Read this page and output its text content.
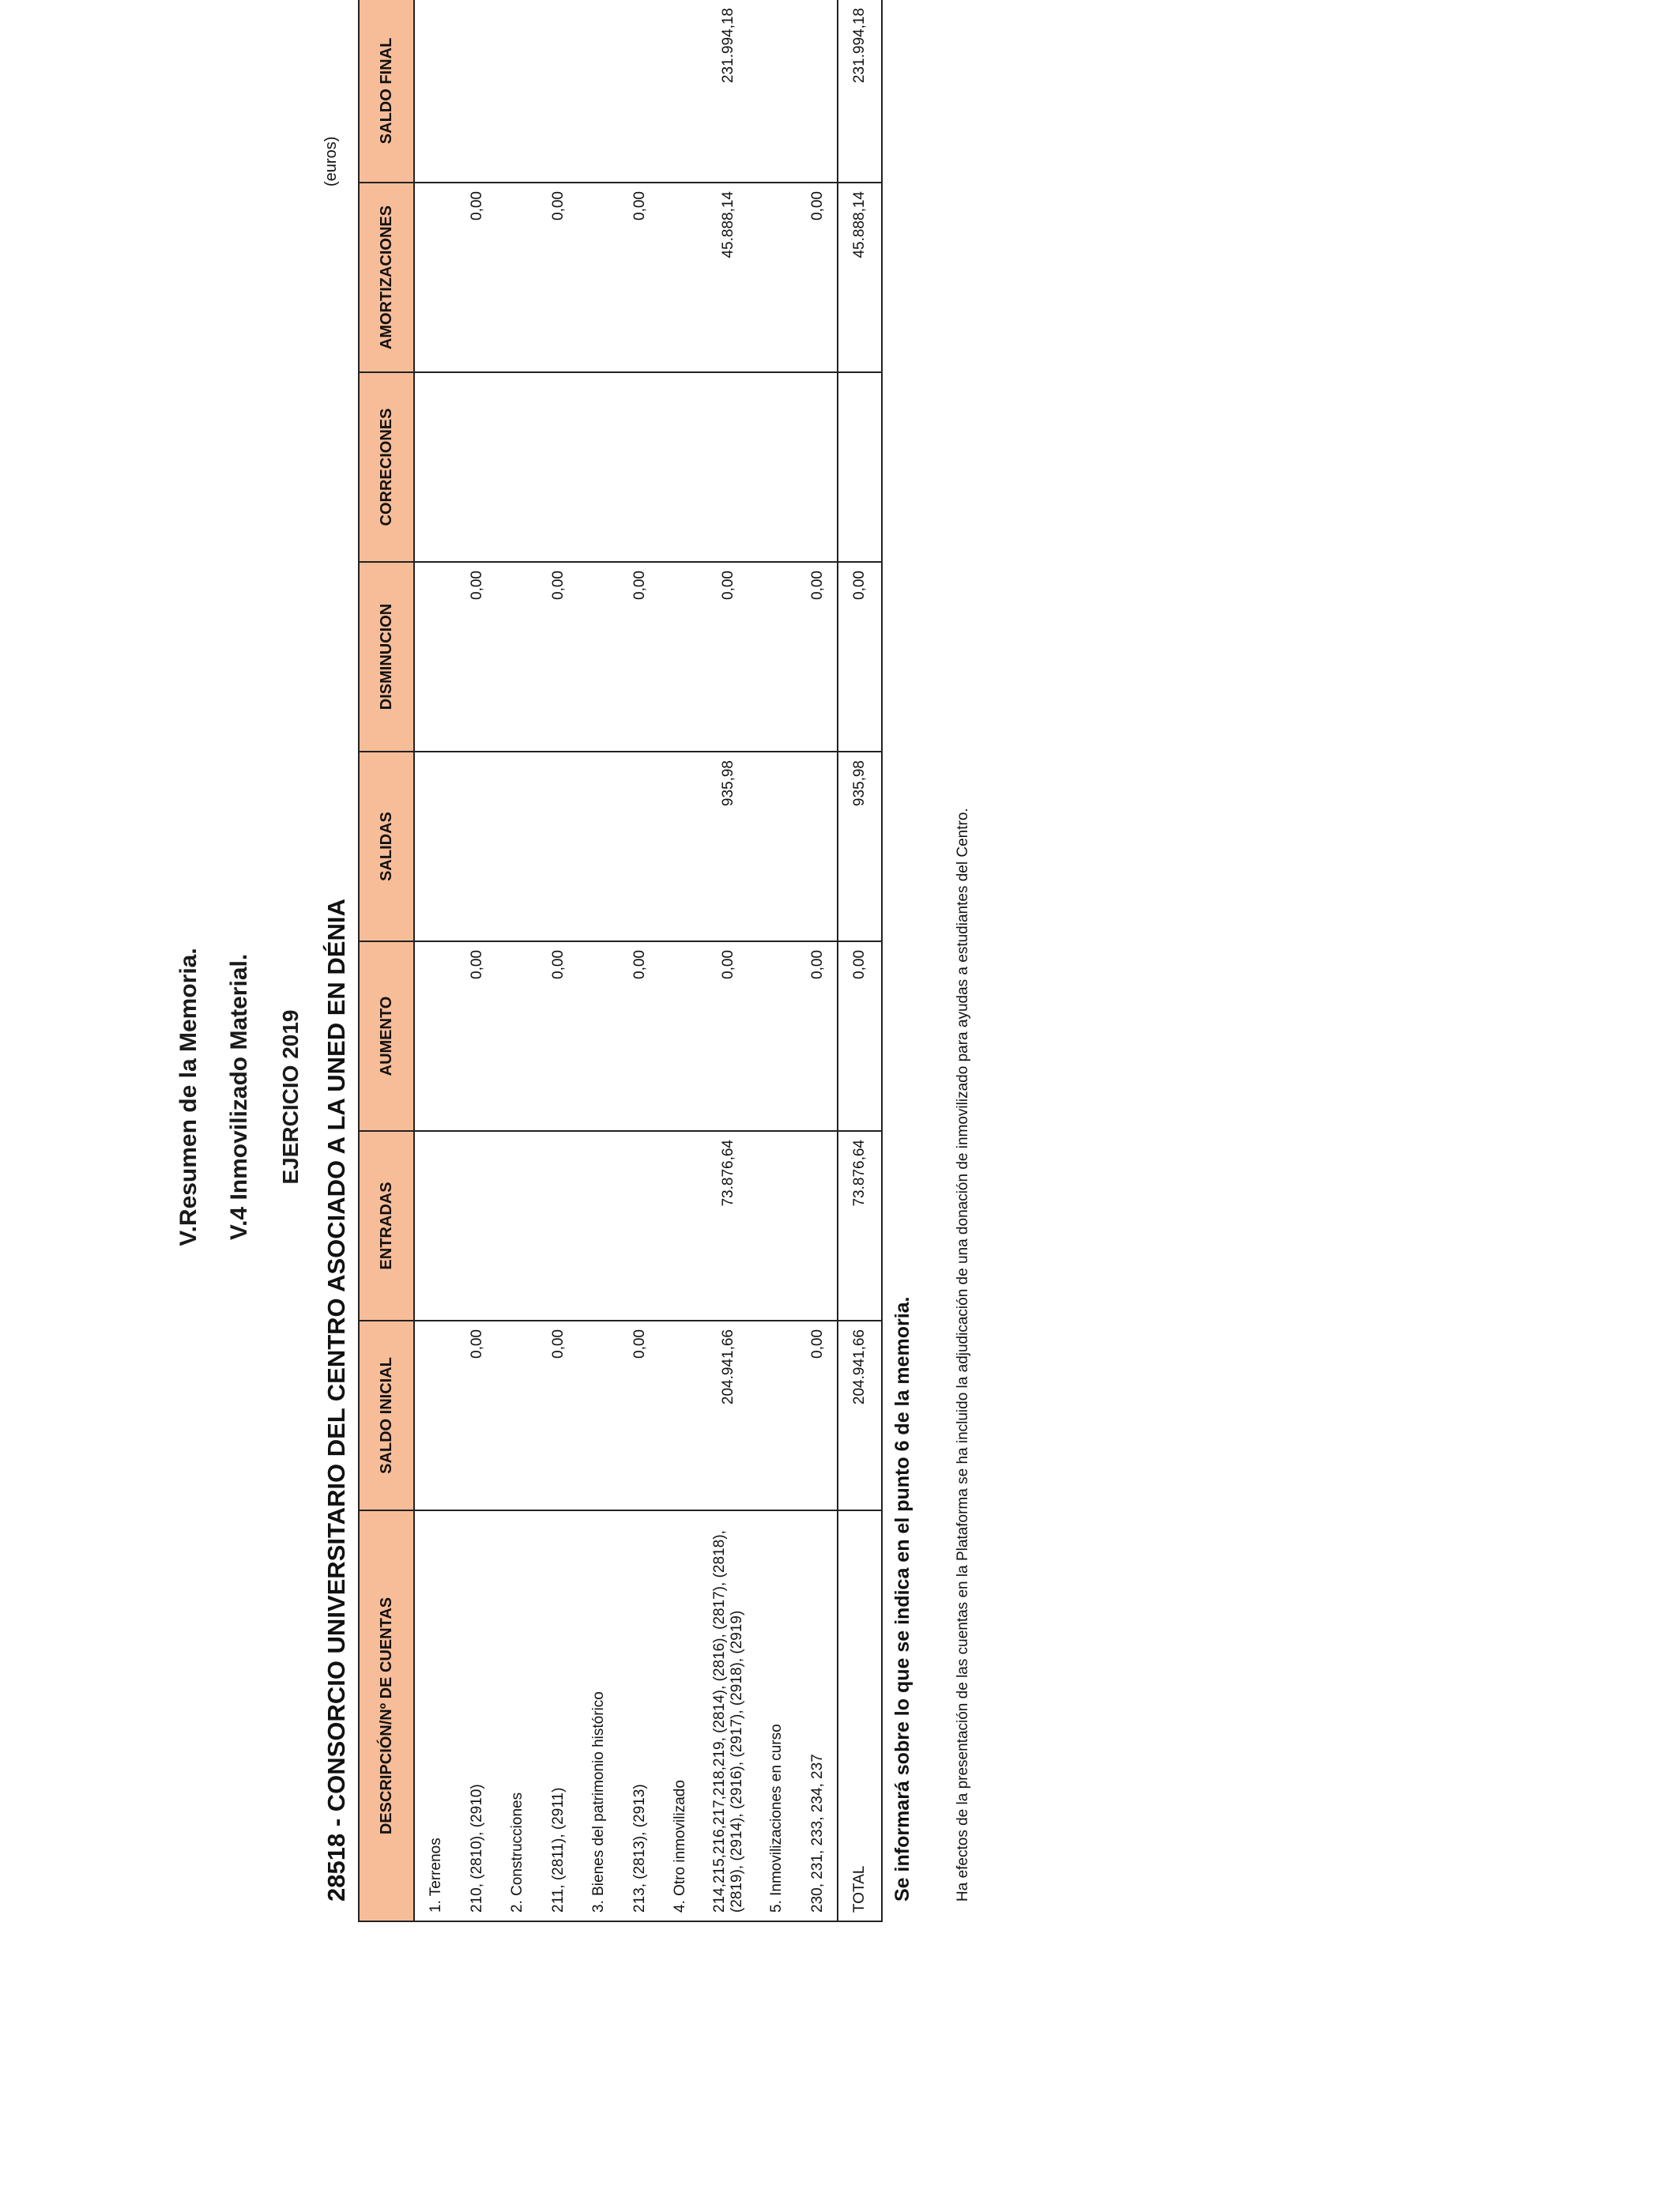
V.Resumen de la Memoria. V.4 Inmovilizado Material. EJERCICIO 2019 28518 - CONSORCIO UNIVERSITARIO DEL CENTRO ASOCIADO A LA UNED EN DÉNIA
(euros)
DESCRIPCIÓN/Nº DE CUENTAS	SALDO INICIAL	ENTRADAS	AUMENTO	SALIDAS	DISMINUCION	CORRECIONES	AMORTIZACIONES	SALDO FINAL
1. Terrenos								
210, (2810), (2910)	0,00		0,00		0,00		0,00	
2. Construcciones								
211, (2811), (2911)	0,00		0,00		0,00		0,00	
3. Bienes del patrimonio histórico								
213, (2813), (2913)	0,00		0,00		0,00		0,00	
4. Otro inmovilizado								
214,215,216,217,218,219, (2814), (2816), (2817), (2818), (2819), (2914), (2916), (2917), (2918), (2919)	204.941,66	73.876,64	0,00	935,98	0,00		45.888,14	231.994,18
5. Inmovilizaciones en curso								
230, 231, 233, 234, 237	0,00		0,00		0,00		0,00	
TOTAL	204.941,66	73.876,64	0,00	935,98	0,00		45.888,14	231.994,18
Se informará sobre lo que se indica en el punto 6 de la memoria.	Ha efectos de la presentación de las cuentas en la Plataforma se ha incluido la adjudicación de una donación de inmovilizado para ayudas a estudiantes del Centro.
